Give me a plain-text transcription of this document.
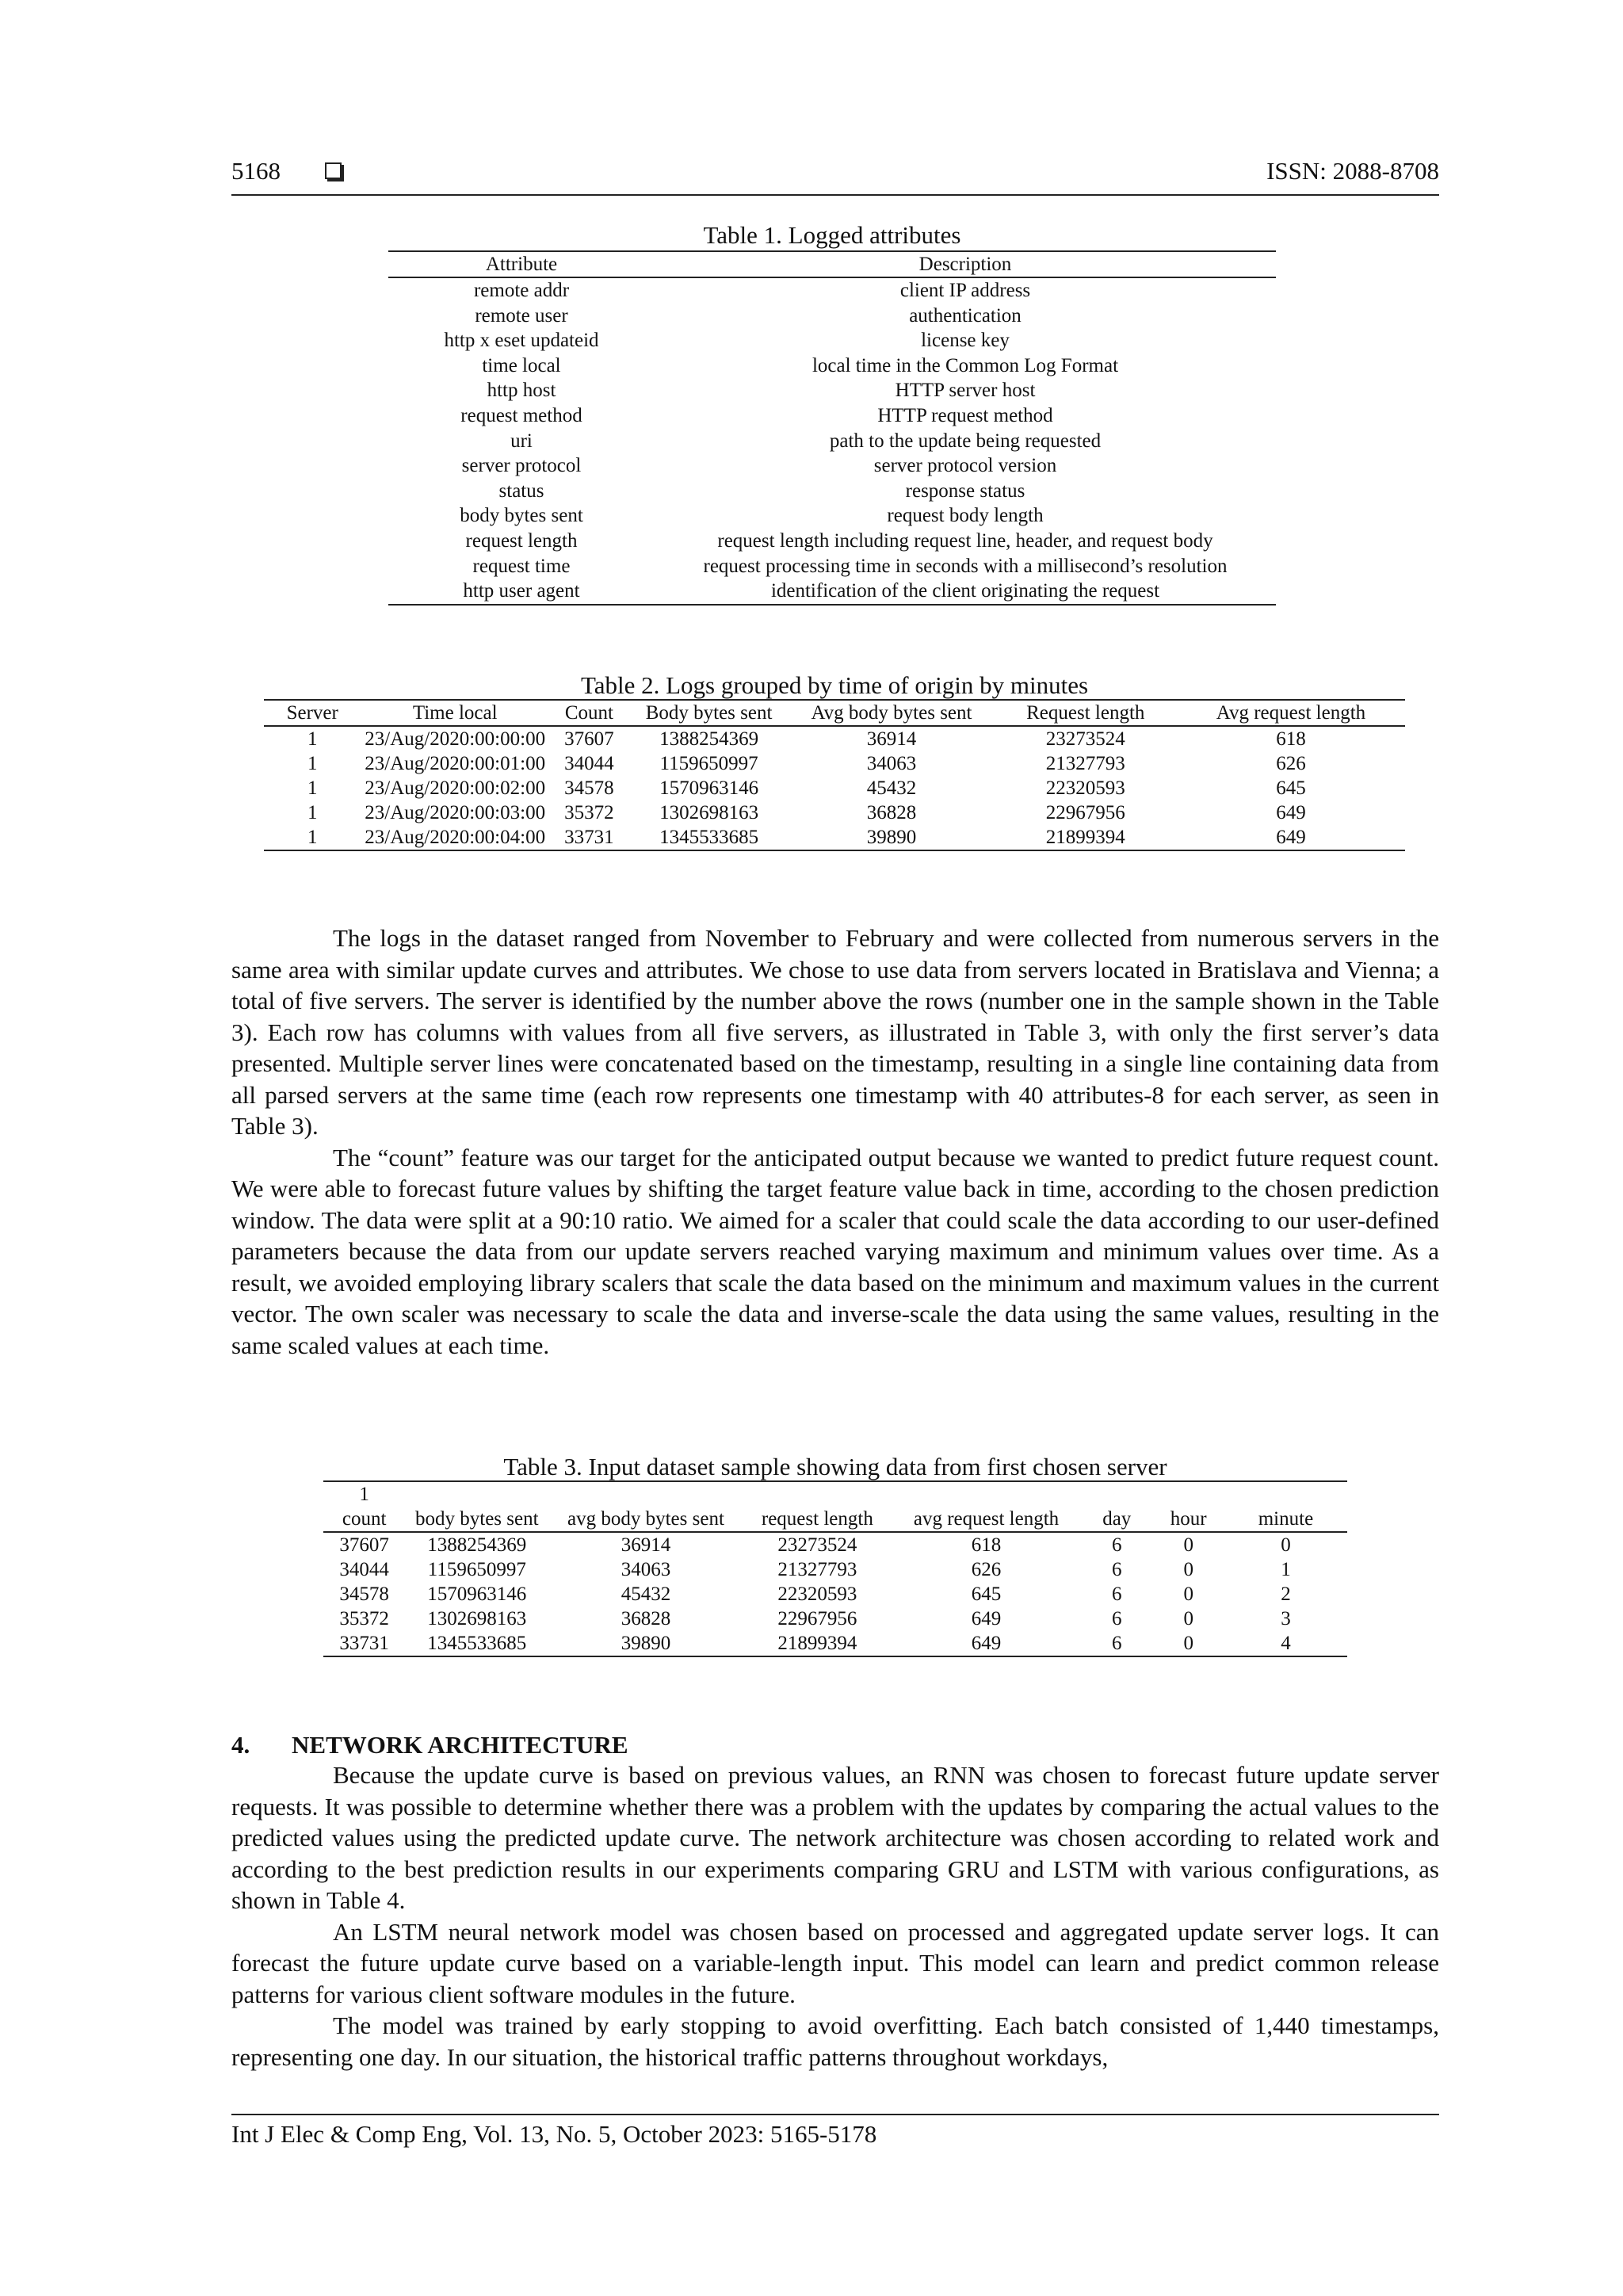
5168	ISSN: 2088-8708
Table 1. Logged attributes
Attribute	Description
remote addr	client IP address
remote user	authentication
http x eset updateid	license key
time local	local time in the Common Log Format
http host	HTTP server host
request method	HTTP request method
uri	path to the update being requested
server protocol	server protocol version
status	response status
body bytes sent	request body length
request length	request length including request line, header, and request body
request time	request processing time in seconds with a millisecond’s resolution
http user agent	identification of the client originating the request
Table 2. Logs grouped by time of origin by minutes
Server	Time local	Count	Body bytes sent	Avg body bytes sent	Request length	Avg request length
1	23/Aug/2020:00:00:00	37607	1388254369	36914	23273524	618
1	23/Aug/2020:00:01:00	34044	1159650997	34063	21327793	626
1	23/Aug/2020:00:02:00	34578	1570963146	45432	22320593	645
1	23/Aug/2020:00:03:00	35372	1302698163	36828	22967956	649
1	23/Aug/2020:00:04:00	33731	1345533685	39890	21899394	649

The logs in the dataset ranged from November to February and were collected from numerous servers in the same area with similar update curves and attributes. We chose to use data from servers located in Bratislava and Vienna; a total of five servers. The server is identified by the number above the rows (number one in the sample shown in the Table 3). Each row has columns with values from all five servers, as illustrated in Table 3, with only the first server’s data presented. Multiple server lines were concatenated based on the timestamp, resulting in a single line containing data from all parsed servers at the same time (each row represents one timestamp with 40 attributes-8 for each server, as seen in Table 3).

The “count” feature was our target for the anticipated output because we wanted to predict future request count. We were able to forecast future values by shifting the target feature value back in time, according to the chosen prediction window. The data were split at a 90:10 ratio. We aimed for a scaler that could scale the data according to our user-defined parameters because the data from our update servers reached varying maximum and minimum values over time. As a result, we avoided employing library scalers that scale the data based on the minimum and maximum values in the current vector. The own scaler was necessary to scale the data and inverse-scale the data using the same values, resulting in the same scaled values at each time.

Table 3. Input dataset sample showing data from first chosen server
1							
count	body bytes sent	avg body bytes sent	request length	avg request length	day	hour	minute
37607	1388254369	36914	23273524	618	6	0	0
34044	1159650997	34063	21327793	626	6	0	1
34578	1570963146	45432	22320593	645	6	0	2
35372	1302698163	36828	22967956	649	6	0	3
33731	1345533685	39890	21899394	649	6	0	4
4. NETWORK ARCHITECTURE

Because the update curve is based on previous values, an RNN was chosen to forecast future update server requests. It was possible to determine whether there was a problem with the updates by comparing the actual values to the predicted values using the predicted update curve. The network architecture was chosen according to related work and according to the best prediction results in our experiments comparing GRU and LSTM with various configurations, as shown in Table 4.

An LSTM neural network model was chosen based on processed and aggregated update server logs. It can forecast the future update curve based on a variable-length input. This model can learn and predict common release patterns for various client software modules in the future.

The model was trained by early stopping to avoid overfitting. Each batch consisted of 1,440 timestamps, representing one day. In our situation, the historical traffic patterns throughout workdays,

Int J Elec & Comp Eng, Vol. 13, No. 5, October 2023: 5165-5178
